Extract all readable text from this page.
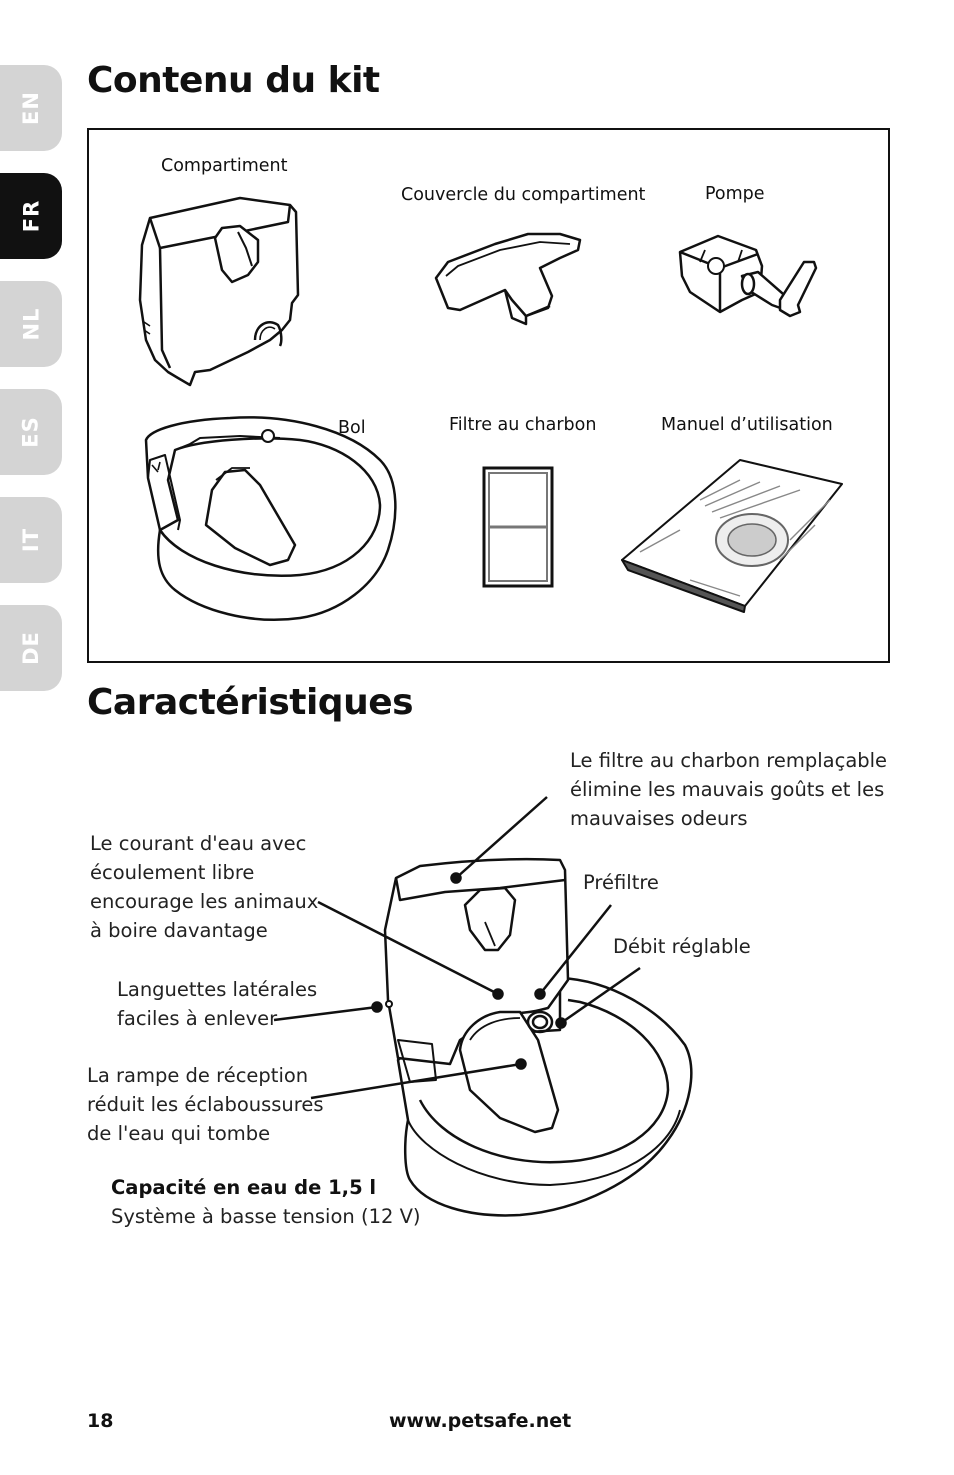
EN
FR
NL
ES
IT
DE
Contenu du kit
Compartiment
Couvercle du compartiment	Pompe
Bol	Filtre au charbon	Manuel d’utilisation
Caractéristiques
Le filtre au charbon remplaçable
élimine les mauvais goûts et les
mauvaises odeurs
Le courant d'eau avec
écoulement libre
encourage les animaux
à boire davantage
Préfiltre
Débit réglable
Languettes latérales
faciles à enlever
La rampe de réception
réduit les éclaboussures
de l'eau qui tombe
Capacité en eau de 1,5 l
Système à basse tension (12 V)
18	www.petsafe.net
